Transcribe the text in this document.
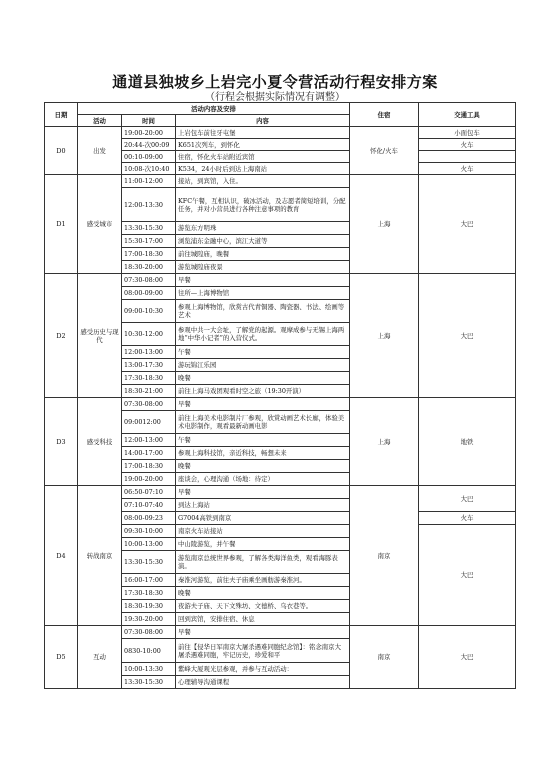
通道县独坡乡上岩完小夏令营活动行程安排方案
（行程会根据实际情况有调整）
日期	活动内容及安排			住宿	交通工具
	活动	时间	内容		
D0	出发	19:00-20:00	上岩包车前往牙屯堡	怀化/火车	小面包车
		20:44-次00:09	K651次列车，到怀化		火车
		00:10-09:00	住宿，怀化火车站附近宾馆		
		10:08-次10:40	K534，24小时后到达上海南站		火车
D1	感受城市	11:00-12:00	接站，到宾馆，入住。	上海	大巴
		12:00-13:30	KFC午餐，互相认识，破冰活动，及志愿者简短培训，分配任务，并对小营员进行各种注意事项的教育		
		13:30-15:30	游览东方明珠		
		15:30-17:00	浏览浦东金融中心，滨江大道等		
		17:00-18:30	前往城隍庙，晚餐		
		18:30-20:00	游览城隍庙夜景		
D2	感受历史与现代	07:30-08:00	早餐	上海	大巴
		08:00-09:00	往所—上海博物馆		
		09:00-10:30	参观上海博物馆，欣赏古代青铜器、陶瓷器、书法、绘画等艺术		
		10:30-12:00	参观中共一大会址，了解党的起源。观摩成参与无锡上海两地“中华小记者”的入营仪式。		
		12:00-13:00	午餐		
		13:00-17:30	游玩锦江乐园		
		17:30-18:30	晚餐		
		18:30-21:00	前往上海马戏团观看时空之旅（19:30开演）		
D3	感受科技	07:30-08:00	早餐	上海	地铁
		09:0012:00	前往上海美术电影制片厂参观，欣赏动画艺术长廊，体验美术电影制作，观看最新动画电影		
		12:00-13:00	午餐		
		14:00-17:00	参观上海科技馆，亲近科技，畅想未来		
		17:00-18:30	晚餐		
		19:00-20:00	座谈会，心理沟通（场地：待定）		
D4	转战南京	06:50-07:10	早餐	南京	大巴
		07:10-07:40	到达上海站		
		08:00-09:23	G7004高铁到南京		火车
		09:30-10:00	南京火车站接站		大巴
		10:00-13:00	中山陵游览，并午餐		
		13:30-15:30	游览南京总统世界参观，了解各类海洋鱼类，观看海豚表演。		
		16:00-17:00	秦淮河游览，前往夫子庙乘坐画舫游秦淮河。		
		17:30-18:30	晚餐		
		18:30-19:30	夜游夫子庙、天下文殊坊、文德桥、乌衣巷等。		
		19:30-20:00	回到宾馆，安排住宿、休息		
D5	互动	07:30-08:00	早餐	南京	大巴
		0830-10:00	前往【侵华日军南京大屠杀遇难同胞纪念馆】：铭念南京大屠杀遇难同胞，牢记历史，珍爱和平		
		10:00-13:30	紫峰大厦观光层参观，并参与互动活动：		
		13:30-15:30	心理辅导沟通课程		
